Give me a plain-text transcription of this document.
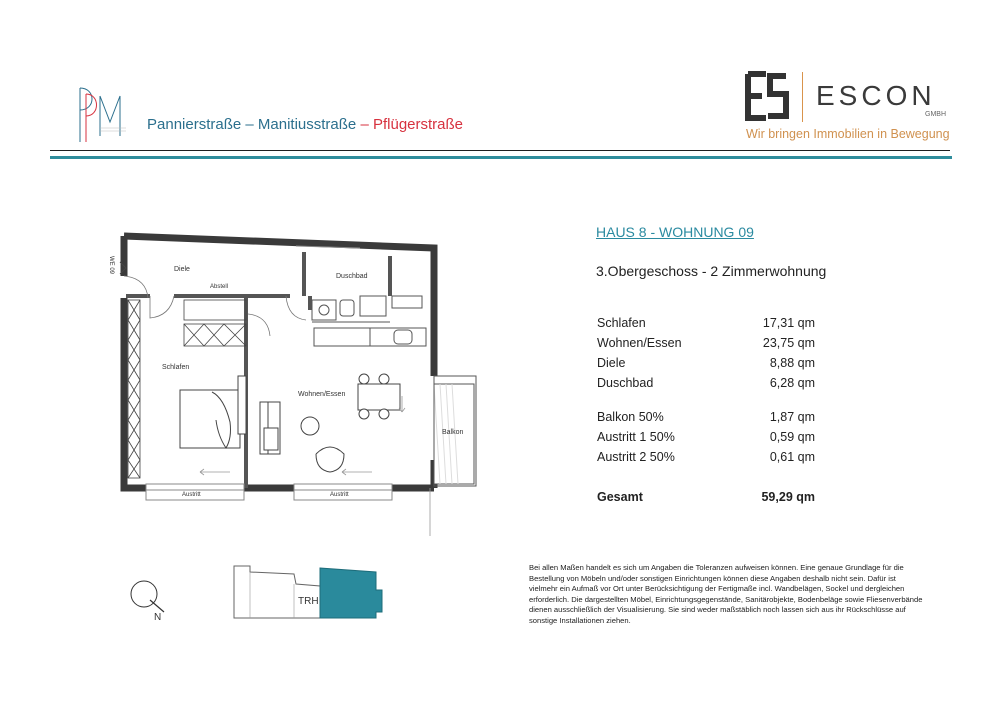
Pannierstraße – Manitiusstraße – Pflügerstraße
ESCON
GMBH
Wir bringen Immobilien in Bewegung
WE 09	Diele
Abstell
Duschbad
Schlafen
Wohnen/Essen
Balkon
Austritt	Austritt
N
TRH
HAUS 8 - WOHNUNG 09
3.Obergeschoss - 2 Zimmerwohnung
Schlafen	17,31 qm
Wohnen/Essen	23,75 qm
Diele	8,88 qm
Duschbad	6,28 qm
Balkon 50%	1,87 qm
Austritt 1 50%	0,59 qm
Austritt 2 50%	0,61 qm
Gesamt	59,29 qm
Bei allen Maßen handelt es sich um Angaben die Toleranzen aufweisen können. Eine genaue Grundlage für die Bestellung von Möbeln und/oder sonstigen Einrichtungen können diese Angaben deshalb nicht sein. Dafür ist vielmehr ein Aufmaß vor Ort unter Berücksichtigung der Fertigmaße incl. Wandbelägen, Sockel und dergleichen erforderlich. Die dargestellten Möbel, Einrichtungsgegenstände, Sanitärobjekte, Bodenbeläge sowie Fliesenverbände dienen ausschließlich der Visualisierung. Sie sind weder maßstäblich noch lassen sich aus ihr Rückschlüsse auf sonstige Installationen ziehen.
